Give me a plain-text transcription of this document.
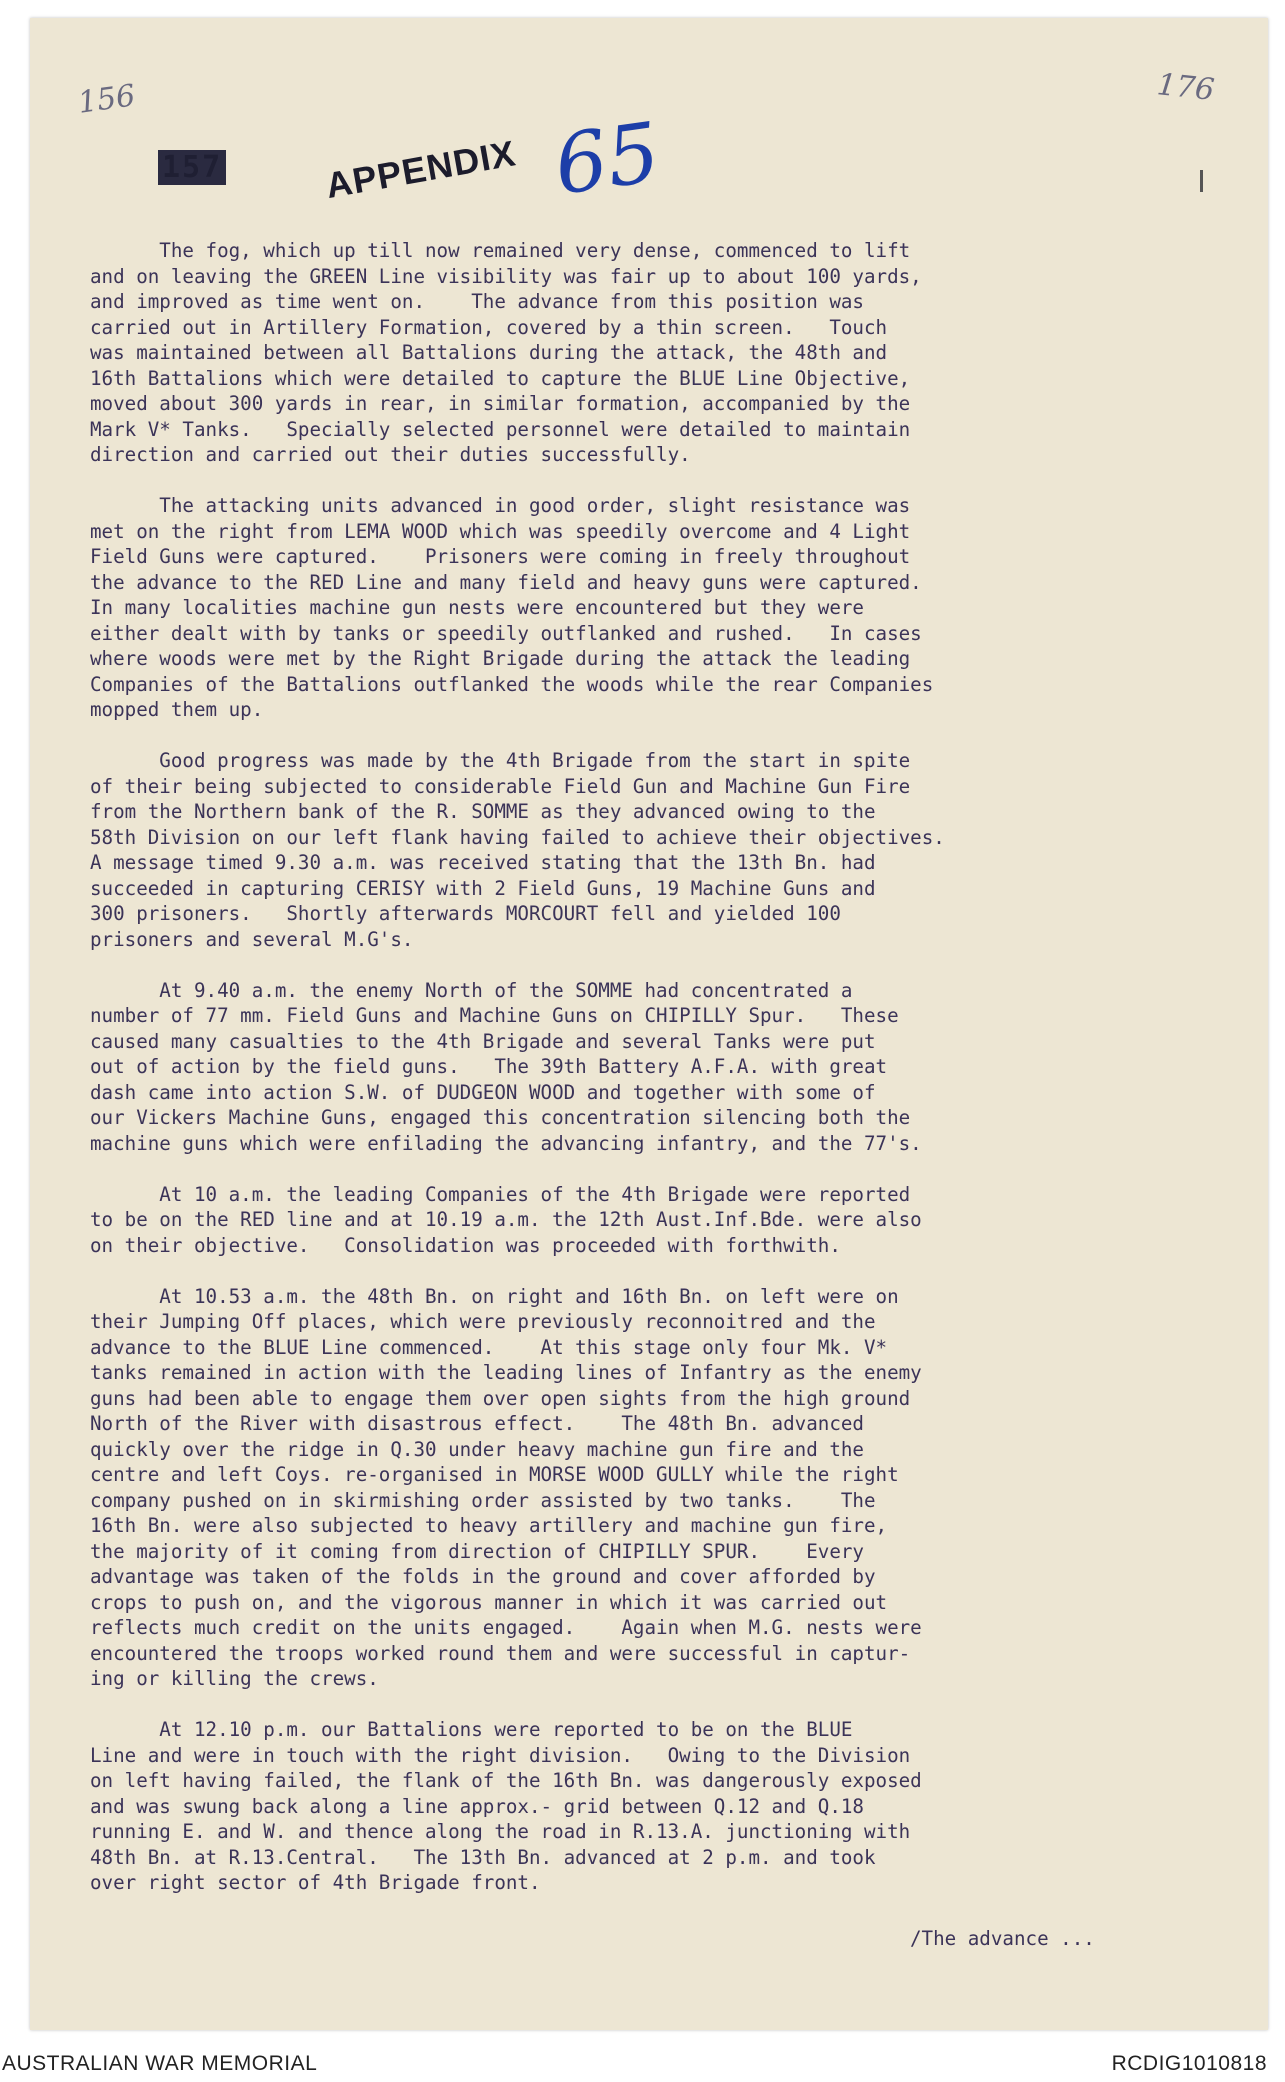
156	176
157	APPENDIX 65
The fog, which up till now remained very dense, commenced to lift
and on leaving the GREEN Line visibility was fair up to about 100 yards,
and improved as time went on.    The advance from this position was
carried out in Artillery Formation, covered by a thin screen.   Touch
was maintained between all Battalions during the attack, the 48th and
16th Battalions which were detailed to capture the BLUE Line Objective,
moved about 300 yards in rear, in similar formation, accompanied by the
Mark V* Tanks.   Specially selected personnel were detailed to maintain
direction and carried out their duties successfully.
The attacking units advanced in good order, slight resistance was
met on the right from LEMA WOOD which was speedily overcome and 4 Light
Field Guns were captured.    Prisoners were coming in freely throughout
the advance to the RED Line and many field and heavy guns were captured.
In many localities machine gun nests were encountered but they were
either dealt with by tanks or speedily outflanked and rushed.   In cases
where woods were met by the Right Brigade during the attack the leading
Companies of the Battalions outflanked the woods while the rear Companies
mopped them up.
Good progress was made by the 4th Brigade from the start in spite
of their being subjected to considerable Field Gun and Machine Gun Fire
from the Northern bank of the R. SOMME as they advanced owing to the
58th Division on our left flank having failed to achieve their objectives.
A message timed 9.30 a.m. was received stating that the 13th Bn. had
succeeded in capturing CERISY with 2 Field Guns, 19 Machine Guns and
300 prisoners.   Shortly afterwards MORCOURT fell and yielded 100
prisoners and several M.G's.
At 9.40 a.m. the enemy North of the SOMME had concentrated a
number of 77 mm. Field Guns and Machine Guns on CHIPILLY Spur.   These
caused many casualties to the 4th Brigade and several Tanks were put
out of action by the field guns.   The 39th Battery A.F.A. with great
dash came into action S.W. of DUDGEON WOOD and together with some of
our Vickers Machine Guns, engaged this concentration silencing both the
machine guns which were enfilading the advancing infantry, and the 77's.
At 10 a.m. the leading Companies of the 4th Brigade were reported
to be on the RED line and at 10.19 a.m. the 12th Aust.Inf.Bde. were also
on their objective.   Consolidation was proceeded with forthwith.
At 10.53 a.m. the 48th Bn. on right and 16th Bn. on left were on
their Jumping Off places, which were previously reconnoitred and the
advance to the BLUE Line commenced.    At this stage only four Mk. V*
tanks remained in action with the leading lines of Infantry as the enemy
guns had been able to engage them over open sights from the high ground
North of the River with disastrous effect.    The 48th Bn. advanced
quickly over the ridge in Q.30 under heavy machine gun fire and the
centre and left Coys. re-organised in MORSE WOOD GULLY while the right
company pushed on in skirmishing order assisted by two tanks.    The
16th Bn. were also subjected to heavy artillery and machine gun fire,
the majority of it coming from direction of CHIPILLY SPUR.    Every
advantage was taken of the folds in the ground and cover afforded by
crops to push on, and the vigorous manner in which it was carried out
reflects much credit on the units engaged.    Again when M.G. nests were
encountered the troops worked round them and were successful in captur-
ing or killing the crews.
At 12.10 p.m. our Battalions were reported to be on the BLUE
Line and were in touch with the right division.   Owing to the Division
on left having failed, the flank of the 16th Bn. was dangerously exposed
and was swung back along a line approx.- grid between Q.12 and Q.18
running E. and W. and thence along the road in R.13.A. junctioning with
48th Bn. at R.13.Central.   The 13th Bn. advanced at 2 p.m. and took
over right sector of 4th Brigade front.
/The advance ...
AUSTRALIAN WAR MEMORIAL	RCDIG1010818
